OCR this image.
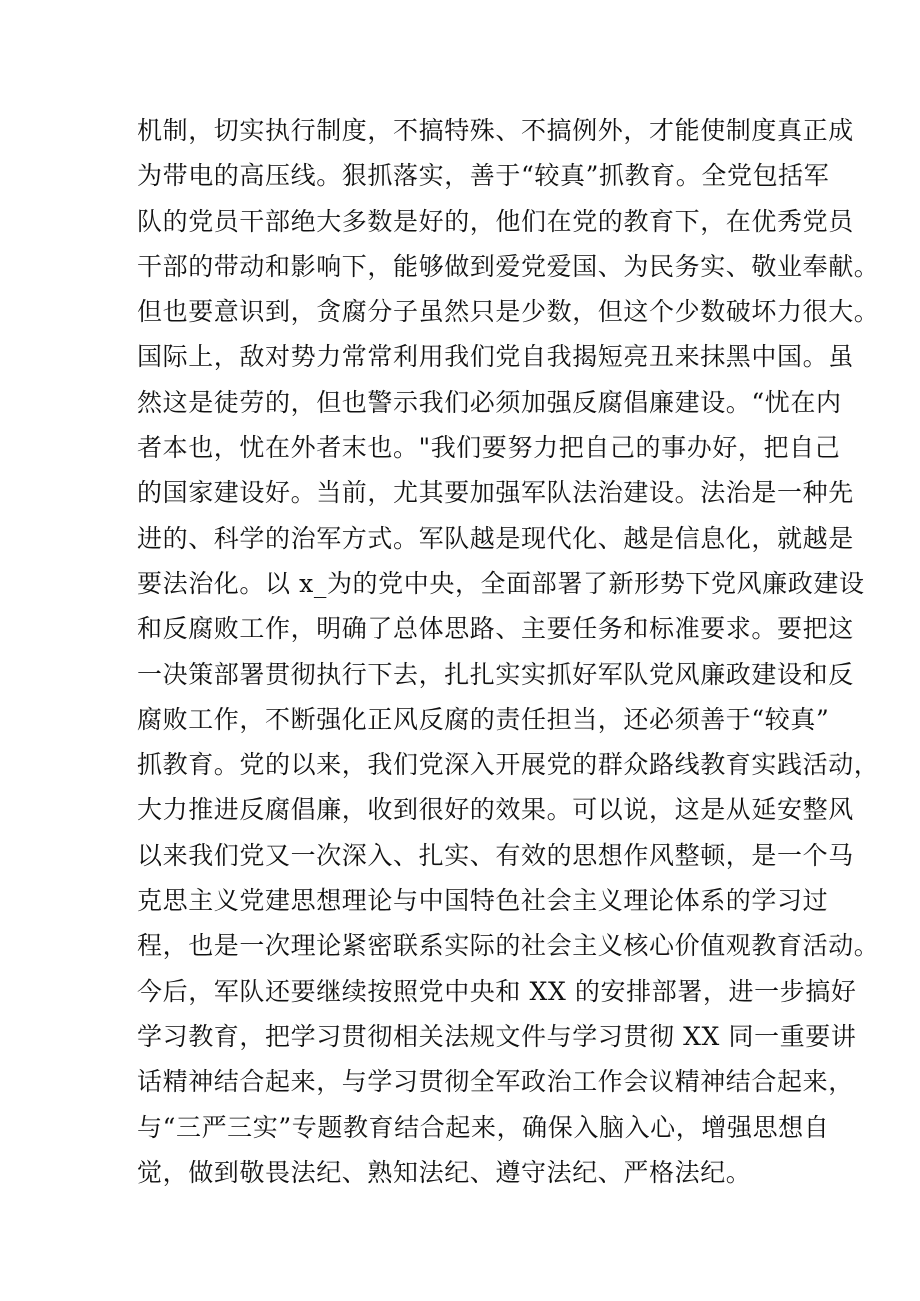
机制，切实执行制度，不搞特殊、不搞例外，才能使制度真正成
为带电的高压线。狠抓落实，善于“较真”抓教育。全党包括军
队的党员干部绝大多数是好的，他们在党的教育下，在优秀党员
干部的带动和影响下，能够做到爱党爱国、为民务实、敬业奉献。
但也要意识到，贪腐分子虽然只是少数，但这个少数破坏力很大。
国际上，敌对势力常常利用我们党自我揭短亮丑来抹黑中国。虽
然这是徒劳的，但也警示我们必须加强反腐倡廉建设。“忧在内
者本也，忧在外者末也。"我们要努力把自己的事办好，把自己
的国家建设好。当前，尤其要加强军队法治建设。法治是一种先
进的、科学的治军方式。军队越是现代化、越是信息化，就越是
要法治化。以 x_为的党中央，全面部署了新形势下党风廉政建设
和反腐败工作，明确了总体思路、主要任务和标准要求。要把这
一决策部署贯彻执行下去，扎扎实实抓好军队党风廉政建设和反
腐败工作，不断强化正风反腐的责任担当，还必须善于“较真”
抓教育。党的以来，我们党深入开展党的群众路线教育实践活动，
大力推进反腐倡廉，收到很好的效果。可以说，这是从延安整风
以来我们党又一次深入、扎实、有效的思想作风整顿，是一个马
克思主义党建思想理论与中国特色社会主义理论体系的学习过
程，也是一次理论紧密联系实际的社会主义核心价值观教育活动。
今后，军队还要继续按照党中央和 XX 的安排部署，进一步搞好
学习教育，把学习贯彻相关法规文件与学习贯彻 XX 同一重要讲
话精神结合起来，与学习贯彻全军政治工作会议精神结合起来，
与“三严三实”专题教育结合起来，确保入脑入心，增强思想自
觉，做到敬畏法纪、熟知法纪、遵守法纪、严格法纪。
